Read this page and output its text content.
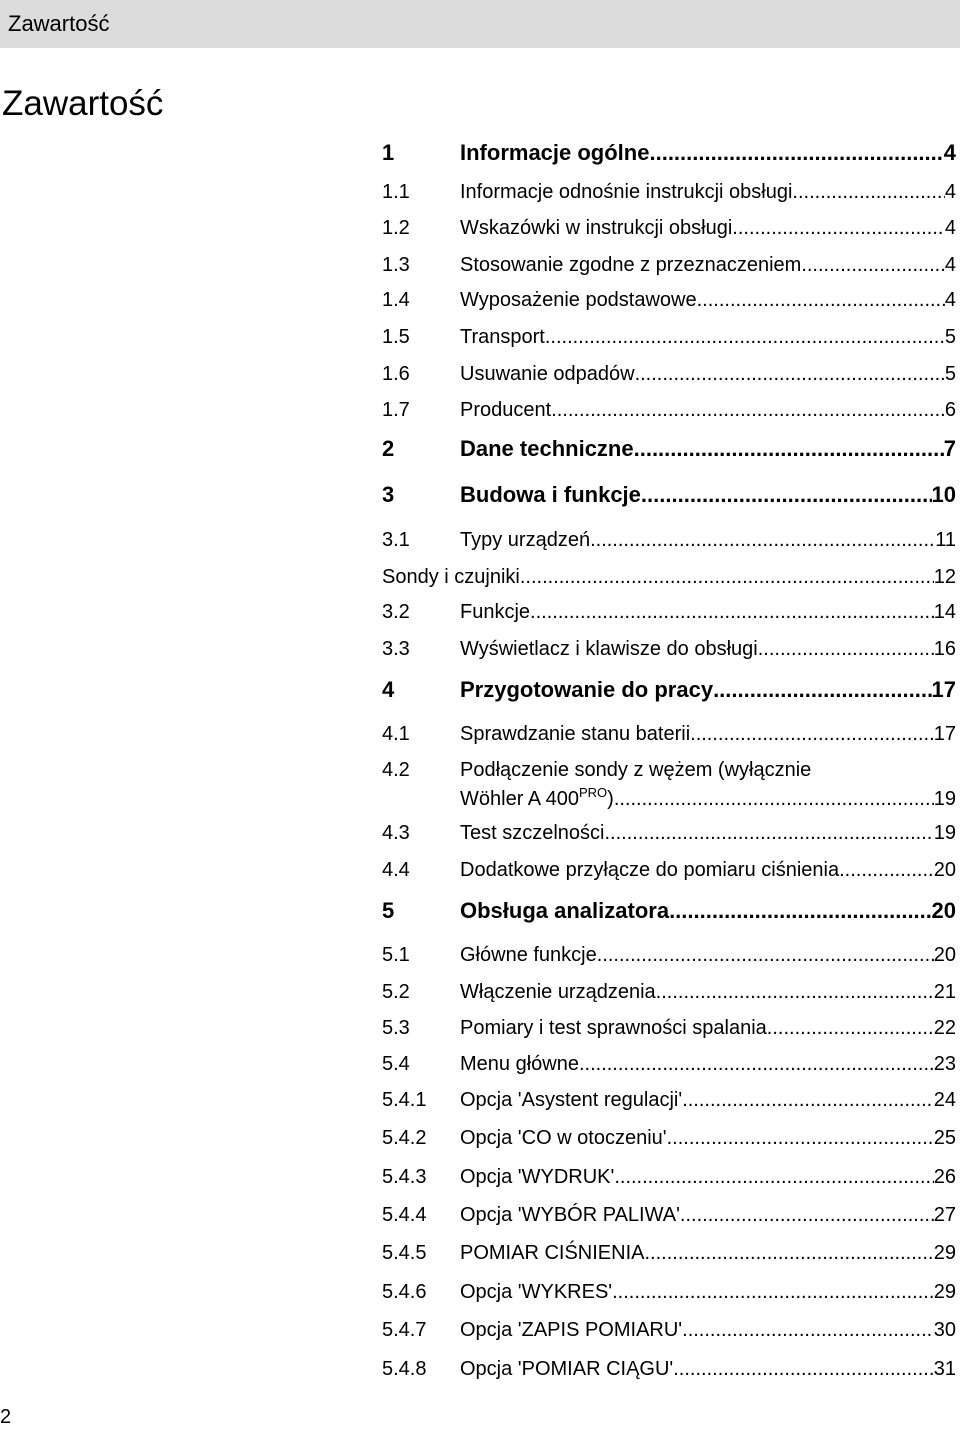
Zawartość
Zawartość
1	Informacje ogólne .....	4
1.1	Informacje odnośnie instrukcji obsługi .....	4
1.2	Wskazówki w instrukcji obsługi .....	4
1.3	Stosowanie zgodne z przeznaczeniem .....	4
1.4	Wyposażenie podstawowe .....	4
1.5	Transport .....	5
1.6	Usuwanie odpadów .....	5
1.7	Producent .....	6
2	Dane techniczne .....	7
3	Budowa i funkcje .....	10
3.1	Typy urządzeń .....	11
Sondy i czujniki .....	12
3.2	Funkcje .....	14
3.3	Wyświetlacz i klawisze do obsługi .....	16
4	Przygotowanie do pracy .....	17
4.1	Sprawdzanie stanu baterii .....	17
4.2	Podłączenie sondy z wężem (wyłącznie
Wöhler A $400^{PRO}$) .....	19
4.3	Test szczelności .....	19
4.4	Dodatkowe przyłącze do pomiaru ciśnienia .....	20
5	Obsługa analizatora .....	20
5.1	Główne funkcje .....	20
5.2	Włączenie urządzenia .....	21
5.3	Pomiary i test sprawności spalania .....	22
5.4	Menu główne .....	23
5.4.1 Opcja 'Asystent regulacji' .....	24
5.4.2 Opcja 'CO w otoczeniu' .....	25
5.4.3 Opcja 'WYDRUK' .....	26
5.4.4 Opcja 'WYBÓR PALIWA' .....	27
5.4.5 POMIAR CIŚNIENIA .....	29
5.4.6 Opcja 'WYKRES' .....	29
5.4.7 Opcja 'ZAPIS POMIARU' .....	30
5.4.8 Opcja 'POMIAR CIĄGU' .....	31
2
